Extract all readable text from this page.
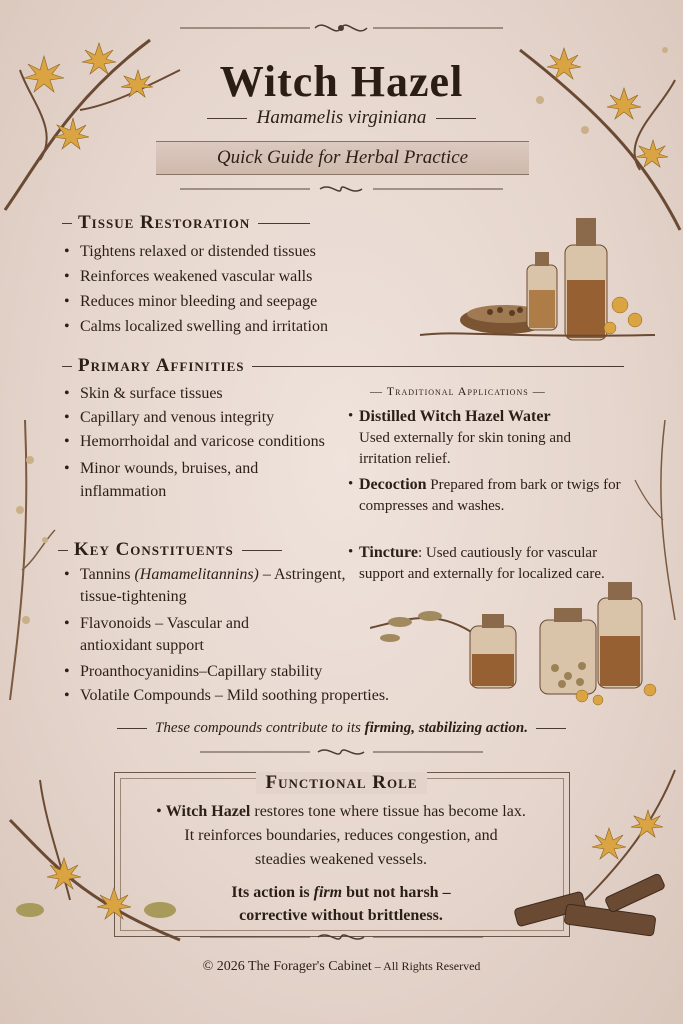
Witch Hazel
Hamamelis virginiana
Quick Guide for Herbal Practice
Tissue Restoration
• Tightens relaxed or distended tissues
• Reinforces weakened vascular walls
• Reduces minor bleeding and seepage
• Calms localized swelling and irritation
Primary Affinities
• Skin & surface tissues
• Capillary and venous integrity
• Hemorrhoidal and varicose conditions
• Minor wounds, bruises, and inflammation
— Traditional Applications —
• Distilled Witch Hazel Water
Used externally for skin toning and irritation relief.
• Decoction Prepared from bark or twigs for compresses and washes.
• Tincture: Used cautiously for vascular support and externally for localized care.
Key Constituents
• Tannins (Hamamelitannins) – Astringent, tissue-tightening
• Flavonoids – Vascular and antioxidant support
• Proanthocyanidins–Capillary stability
• Volatile Compounds – Mild soothing properties.
These compounds contribute to its firming, stabilizing action.
Functional Role
• Witch Hazel restores tone where tissue has become lax.
It reinforces boundaries, reduces congestion, and
steadies weakened vessels.
Its action is firm but not harsh –
corrective without brittleness.
© 2026 The Forager's Cabinet – All Rights Reserved
